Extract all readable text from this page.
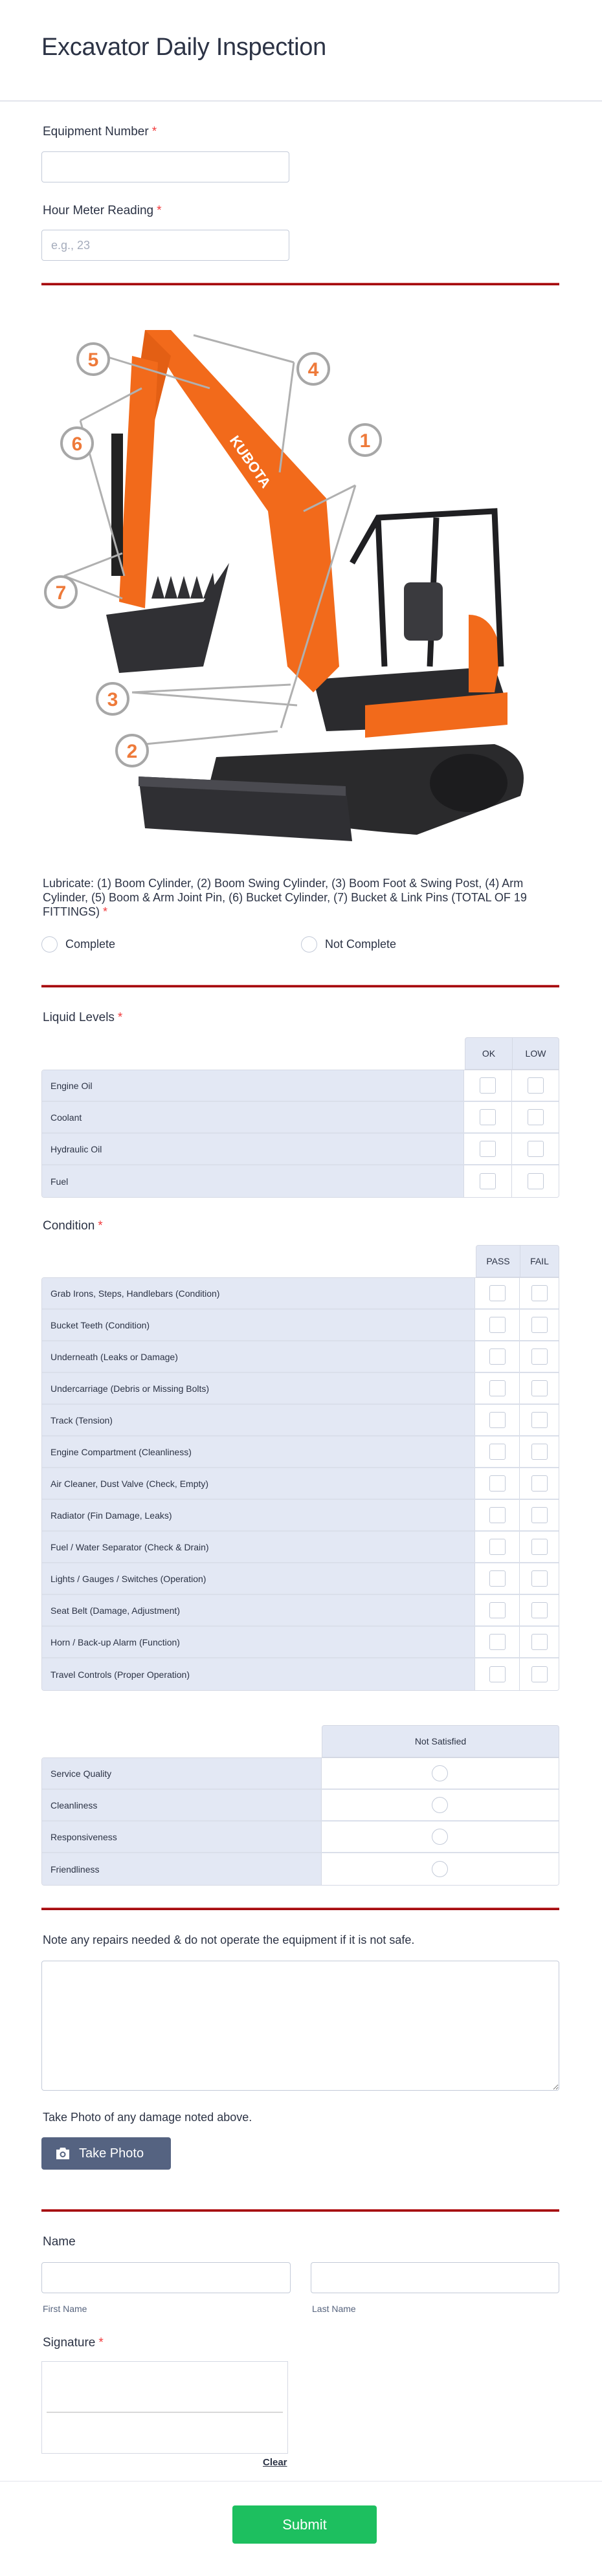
Excavator Daily Inspection
Equipment Number *
Hour Meter Reading *
e.g., 23
KUBOTA
4
5
6	1
7
3
2
Lubricate: (1) Boom Cylinder, (2) Boom Swing Cylinder, (3) Boom Foot & Swing Post, (4) Arm Cylinder, (5) Boom & Arm Joint Pin, (6) Bucket Cylinder, (7) Bucket & Link Pins (TOTAL OF 19 FITTINGS) *
Complete	Not Complete
Liquid Levels *
OK	LOW
Engine Oil
Coolant
Hydraulic Oil
Fuel
Condition *
PASS	FAIL
Grab Irons, Steps, Handlebars (Condition)
Bucket Teeth (Condition)
Underneath (Leaks or Damage)
Undercarriage (Debris or Missing Bolts)
Track (Tension)
Engine Compartment (Cleanliness)
Air Cleaner, Dust Valve (Check, Empty)
Radiator (Fin Damage, Leaks)
Fuel / Water Separator (Check & Drain)
Lights / Gauges / Switches (Operation)
Seat Belt (Damage, Adjustment)
Horn / Back-up Alarm (Function)
Travel Controls (Proper Operation)
Not Satisfied
Service Quality
Cleanliness
Responsiveness
Friendliness
Note any repairs needed & do not operate the equipment if it is not safe.
Take Photo of any damage noted above.
Take Photo
Name
First Name	Last Name
Signature *
Clear
Submit
